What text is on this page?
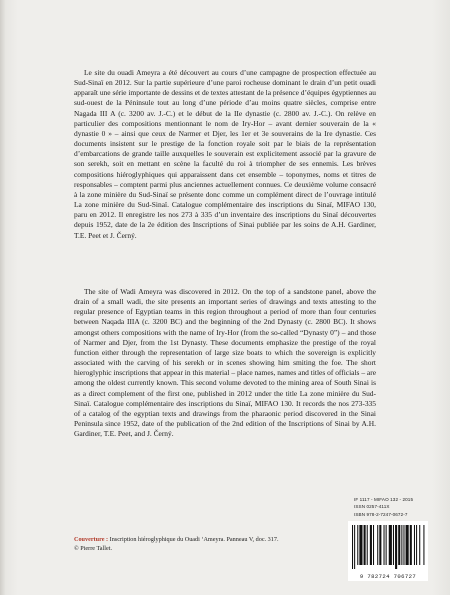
Le site du ouadi Ameyra a été découvert au cours d’une campagne de prospection effectuée au Sud-Sinaï en 2012. Sur la partie supérieure d’une paroi rocheuse dominant le drain d’un petit ouadi apparaît une série importante de dessins et de textes attestant de la présence d’équipes égyptiennes au sud-ouest de la Péninsule tout au long d’une période d’au moins quatre siècles, comprise entre Nagada III A (c. 3200 av. J.-C.) et le début de la IIe dynastie (c. 2800 av. J.-C.). On relève en particulier des compositions mentionnant le nom de Iry-Hor – avant dernier souverain de la « dynastie 0 » – ainsi que ceux de Narmer et Djer, les 1er et 3e souverains de la Ire dynastie. Ces documents insistent sur le prestige de la fonction royale soit par le biais de la représentation d’embarcations de grande taille auxquelles le souverain est explicitement associé par la gravure de son serekh, soit en mettant en scène la faculté du roi à triompher de ses ennemis. Les brèves compositions hiéroglyphiques qui apparaissent dans cet ensemble – toponymes, noms et titres de responsables – comptent parmi plus anciennes actuellement connues. Ce deuxième volume consacré à la zone minière du Sud-Sinaï se présente donc comme un complément direct de l’ouvrage intitulé La zone minière du Sud-Sinaï. Catalogue complémentaire des inscriptions du Sinaï, MIFAO 130, paru en 2012. Il enregistre les nos 273 à 335 d’un inventaire des inscriptions du Sinaï découvertes depuis 1952, date de la 2e édition des Inscriptions of Sinai publiée par les soins de A.H. Gardiner, T.E. Peet et J. Černý.
The site of Wadi Ameyra was discovered in 2012. On the top of a sandstone panel, above the drain of a small wadi, the site presents an important series of drawings and texts attesting to the regular presence of Egyptian teams in this region throughout a period of more than four centuries between Naqada IIIA (c. 3200 BC) and the beginning of the 2nd Dynasty (c. 2800 BC). It shows amongst others compositions with the name of Iry-Hor (from the so-called “Dynasty 0”) – and those of Narmer and Djer, from the 1st Dynasty. These documents emphasize the prestige of the royal function either through the representation of large size boats to which the sovereign is explicitly associated with the carving of his serekh or in scenes showing him smiting the foe. The short hieroglyphic inscriptions that appear in this material – place names, names and titles of officials – are among the oldest currently known. This second volume devoted to the mining area of South Sinai is as a direct complement of the first one, published in 2012 under the title La zone minière du Sud-Sinaï. Catalogue complémentaire des inscriptions du Sinaï, MIFAO 130. It records the nos 273-335 of a catalog of the egyptian texts and drawings from the pharaonic period discovered in the Sinai Peninsula since 1952, date of the publication of the 2nd edition of the Inscriptions of Sinai by A.H. Gardiner, T.E. Peet, and J. Černý.
Couverture : Inscription hiéroglyphique du Ouadi ‘Ameyra. Panneau V, doc. 317.
© Pierre Tallet.
IF 1117 - MIFAO 132 - 2015
ISSN 0257-411X
ISBN 978-2-7247-0672-7
9 782724 706727
